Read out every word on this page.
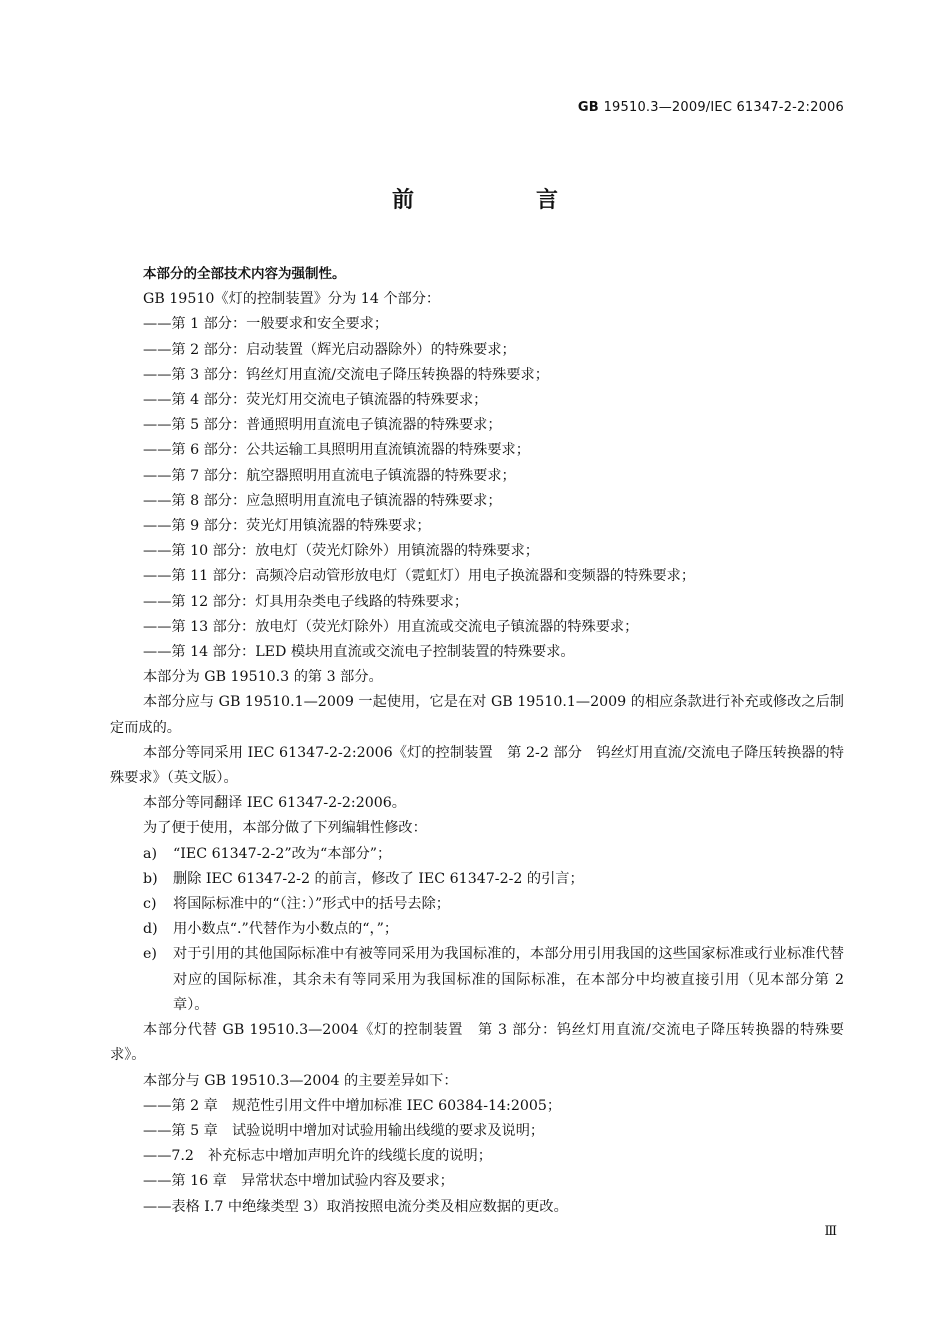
GB 19510.3—2009/IEC 61347-2-2:2006
前　言

本部分的全部技术内容为强制性。

GB 19510《灯的控制装置》分为 14 个部分：

——第 1 部分：一般要求和安全要求；

——第 2 部分：启动装置（辉光启动器除外）的特殊要求；

——第 3 部分：钨丝灯用直流/交流电子降压转换器的特殊要求；

——第 4 部分：荧光灯用交流电子镇流器的特殊要求；

——第 5 部分：普通照明用直流电子镇流器的特殊要求；

——第 6 部分：公共运输工具照明用直流镇流器的特殊要求；

——第 7 部分：航空器照明用直流电子镇流器的特殊要求；

——第 8 部分：应急照明用直流电子镇流器的特殊要求；

——第 9 部分：荧光灯用镇流器的特殊要求；

——第 10 部分：放电灯（荧光灯除外）用镇流器的特殊要求；

——第 11 部分：高频冷启动管形放电灯（霓虹灯）用电子换流器和变频器的特殊要求；

——第 12 部分：灯具用杂类电子线路的特殊要求；

——第 13 部分：放电灯（荧光灯除外）用直流或交流电子镇流器的特殊要求；

——第 14 部分：LED 模块用直流或交流电子控制装置的特殊要求。

本部分为 GB 19510.3 的第 3 部分。

本部分应与 GB 19510.1—2009 一起使用，它是在对 GB 19510.1—2009 的相应条款进行补充或修改之后制定而成的。

本部分等同采用 IEC 61347-2-2:2006《灯的控制装置　第 2-2 部分　钨丝灯用直流/交流电子降压转换器的特殊要求》（英文版）。

本部分等同翻译 IEC 61347-2-2:2006。

为了便于使用，本部分做了下列编辑性修改：

a)	“IEC 61347-2-2”改为“本部分”；
b)	删除 IEC 61347-2-2 的前言，修改了 IEC 61347-2-2 的引言；
c)	将国际标准中的“（注：）”形式中的括号去除；
d)	用小数点“.”代替作为小数点的“，”；
e)	对于引用的其他国际标准中有被等同采用为我国标准的，本部分用引用我国的这些国家标准或行业标准代替对应的国际标准，其余未有等同采用为我国标准的国际标准，在本部分中均被直接引用（见本部分第 2 章）。

本部分代替 GB 19510.3—2004《灯的控制装置　第 3 部分：钨丝灯用直流/交流电子降压转换器的特殊要求》。

本部分与 GB 19510.3—2004 的主要差异如下：

——第 2 章　规范性引用文件中增加标准 IEC 60384-14:2005；

——第 5 章　试验说明中增加对试验用输出线缆的要求及说明；

——7.2　补充标志中增加声明允许的线缆长度的说明；

——第 16 章　异常状态中增加试验内容及要求；

——表格 I.7 中绝缘类型 3）取消按照电流分类及相应数据的更改。

Ⅲ
